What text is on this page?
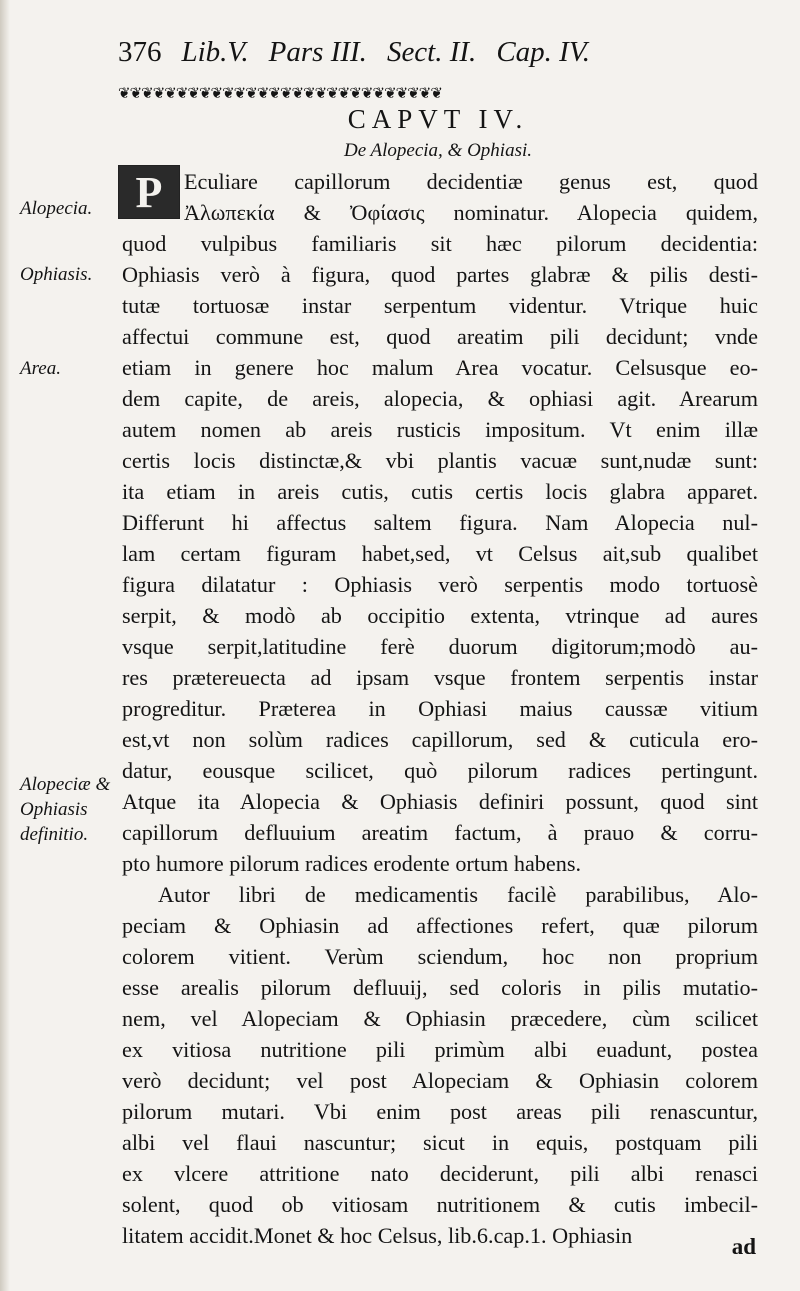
376 Lib.V. Pars III. Sect. II. Cap. IV.
❦❦❦❦❦❦❦❦❦❦❦❦❦❦❦❦❦❦❦❦❦❦❦❦❦❦❦❦
CAPVT IV.
De Alopecia, & Ophiasi.
P
Alopecia.
Ophiasis.
Area.
Alopeciæ & Ophiasis definitio.
Eculiare capillorum decidentiæ genus est, quod
Ἀλωπεκία & Ὀφίασις nominatur. Alopecia quidem,
quod vulpibus familiaris sit hæc pilorum decidentia:
Ophiasis verò à figura, quod partes glabræ & pilis desti-
tutæ tortuosæ instar serpentum videntur. Vtrique huic
affectui commune est, quod areatim pili decidunt; vnde
etiam in genere hoc malum Area vocatur. Celsusque eo-
dem capite, de areis, alopecia, & ophiasi agit. Arearum
autem nomen ab areis rusticis impositum. Vt enim illæ
certis locis distinctæ,& vbi plantis vacuæ sunt,nudæ sunt:
ita etiam in areis cutis, cutis certis locis glabra apparet.
Differunt hi affectus saltem figura. Nam Alopecia nul-
lam certam figuram habet,sed, vt Celsus ait,sub qualibet
figura dilatatur : Ophiasis verò serpentis modo tortuosè
serpit, & modò ab occipitio extenta, vtrinque ad aures
vsque serpit,latitudine ferè duorum digitorum;modò au-
res prætereuecta ad ipsam vsque frontem serpentis instar
progreditur. Præterea in Ophiasi maius caussæ vitium
est,vt non solùm radices capillorum, sed & cuticula ero-
datur, eousque scilicet, quò pilorum radices pertingunt.
Atque ita Alopecia & Ophiasis definiri possunt, quod sint
capillorum defluuium areatim factum, à prauo & corru-
pto humore pilorum radices erodente ortum habens.
Autor libri de medicamentis facilè parabilibus, Alo-
peciam & Ophiasin ad affectiones refert, quæ pilorum
colorem vitient. Verùm sciendum, hoc non proprium
esse arealis pilorum defluuij, sed coloris in pilis mutatio-
nem, vel Alopeciam & Ophiasin præcedere, cùm scilicet
ex vitiosa nutritione pili primùm albi euadunt, postea
verò decidunt; vel post Alopeciam & Ophiasin colorem
pilorum mutari. Vbi enim post areas pili renascuntur,
albi vel flaui nascuntur; sicut in equis, postquam pili
ex vlcere attritione nato deciderunt, pili albi renasci
solent, quod ob vitiosam nutritionem & cutis imbecil-
litatem accidit.Monet & hoc Celsus, lib.6.cap.1. Ophiasin	ad
